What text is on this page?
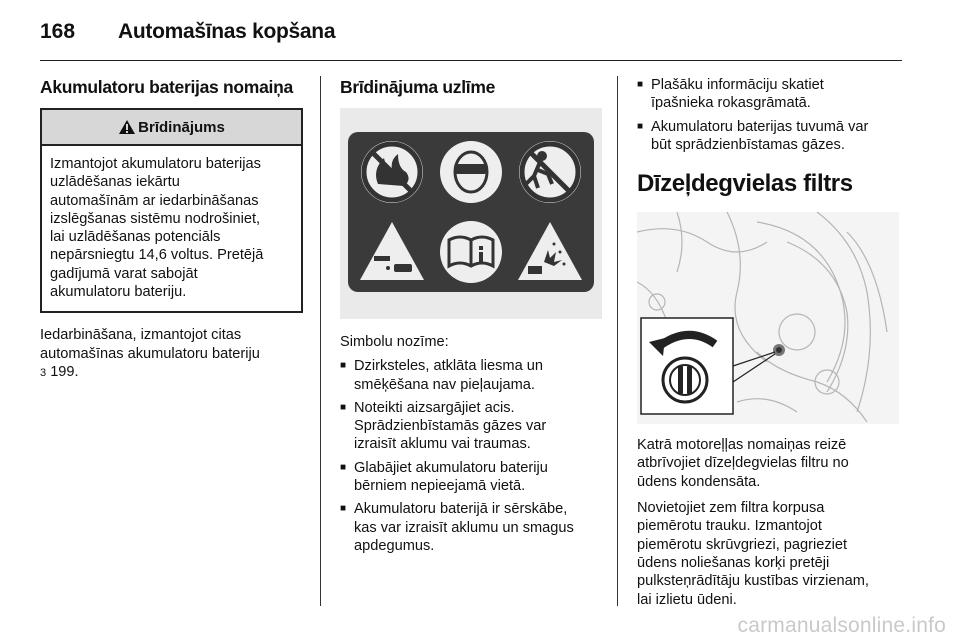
168 Automašīnas kopšana
Akumulatoru baterijas nomaiņa
Brīdinājums
Izmantojot akumulatoru baterijas
uzlādēšanas iekārtu
automašīnām ar iedarbināšanas
izslēgšanas sistēmu nodrošiniet,
lai uzlādēšanas potenciāls
nepārsniegtu 14,6 voltus. Pretējā
gadījumā varat sabojāt
akumulatoru bateriju.

Iedarbināšana, izmantojot citas
automašīnas akumulatoru bateriju
3 199.

Brīdinājuma uzlīme

Simbolu nozīme:

■ Dzirksteles, atklāta liesma un
smēķēšana nav pieļaujama.
■ Noteikti aizsargājiet acis.
Sprādzienbīstamās gāzes var
izraisīt aklumu vai traumas.
■ Glabājiet akumulatoru bateriju
bērniem nepieejamā vietā.
■ Akumulatoru baterijā ir sērskābe,
kas var izraisīt aklumu un smagus
apdegumus.
■ Plašāku informāciju skatiet
īpašnieka rokasgrāmatā.
■ Akumulatoru baterijas tuvumā var
būt sprādzienbīstamas gāzes.
Dīzeļdegvielas filtrs

Katrā motoreļļas nomaiņas reizē
atbrīvojiet dīzeļdegvielas filtru no
ūdens kondensāta.

Novietojiet zem filtra korpusa
piemērotu trauku. Izmantojot
piemērotu skrūvgriezi, pagrieziet
ūdens noliešanas korķi pretēji
pulksteņrādītāju kustības virzienam,
lai izlietu ūdeni.

carmanualsonline.info
